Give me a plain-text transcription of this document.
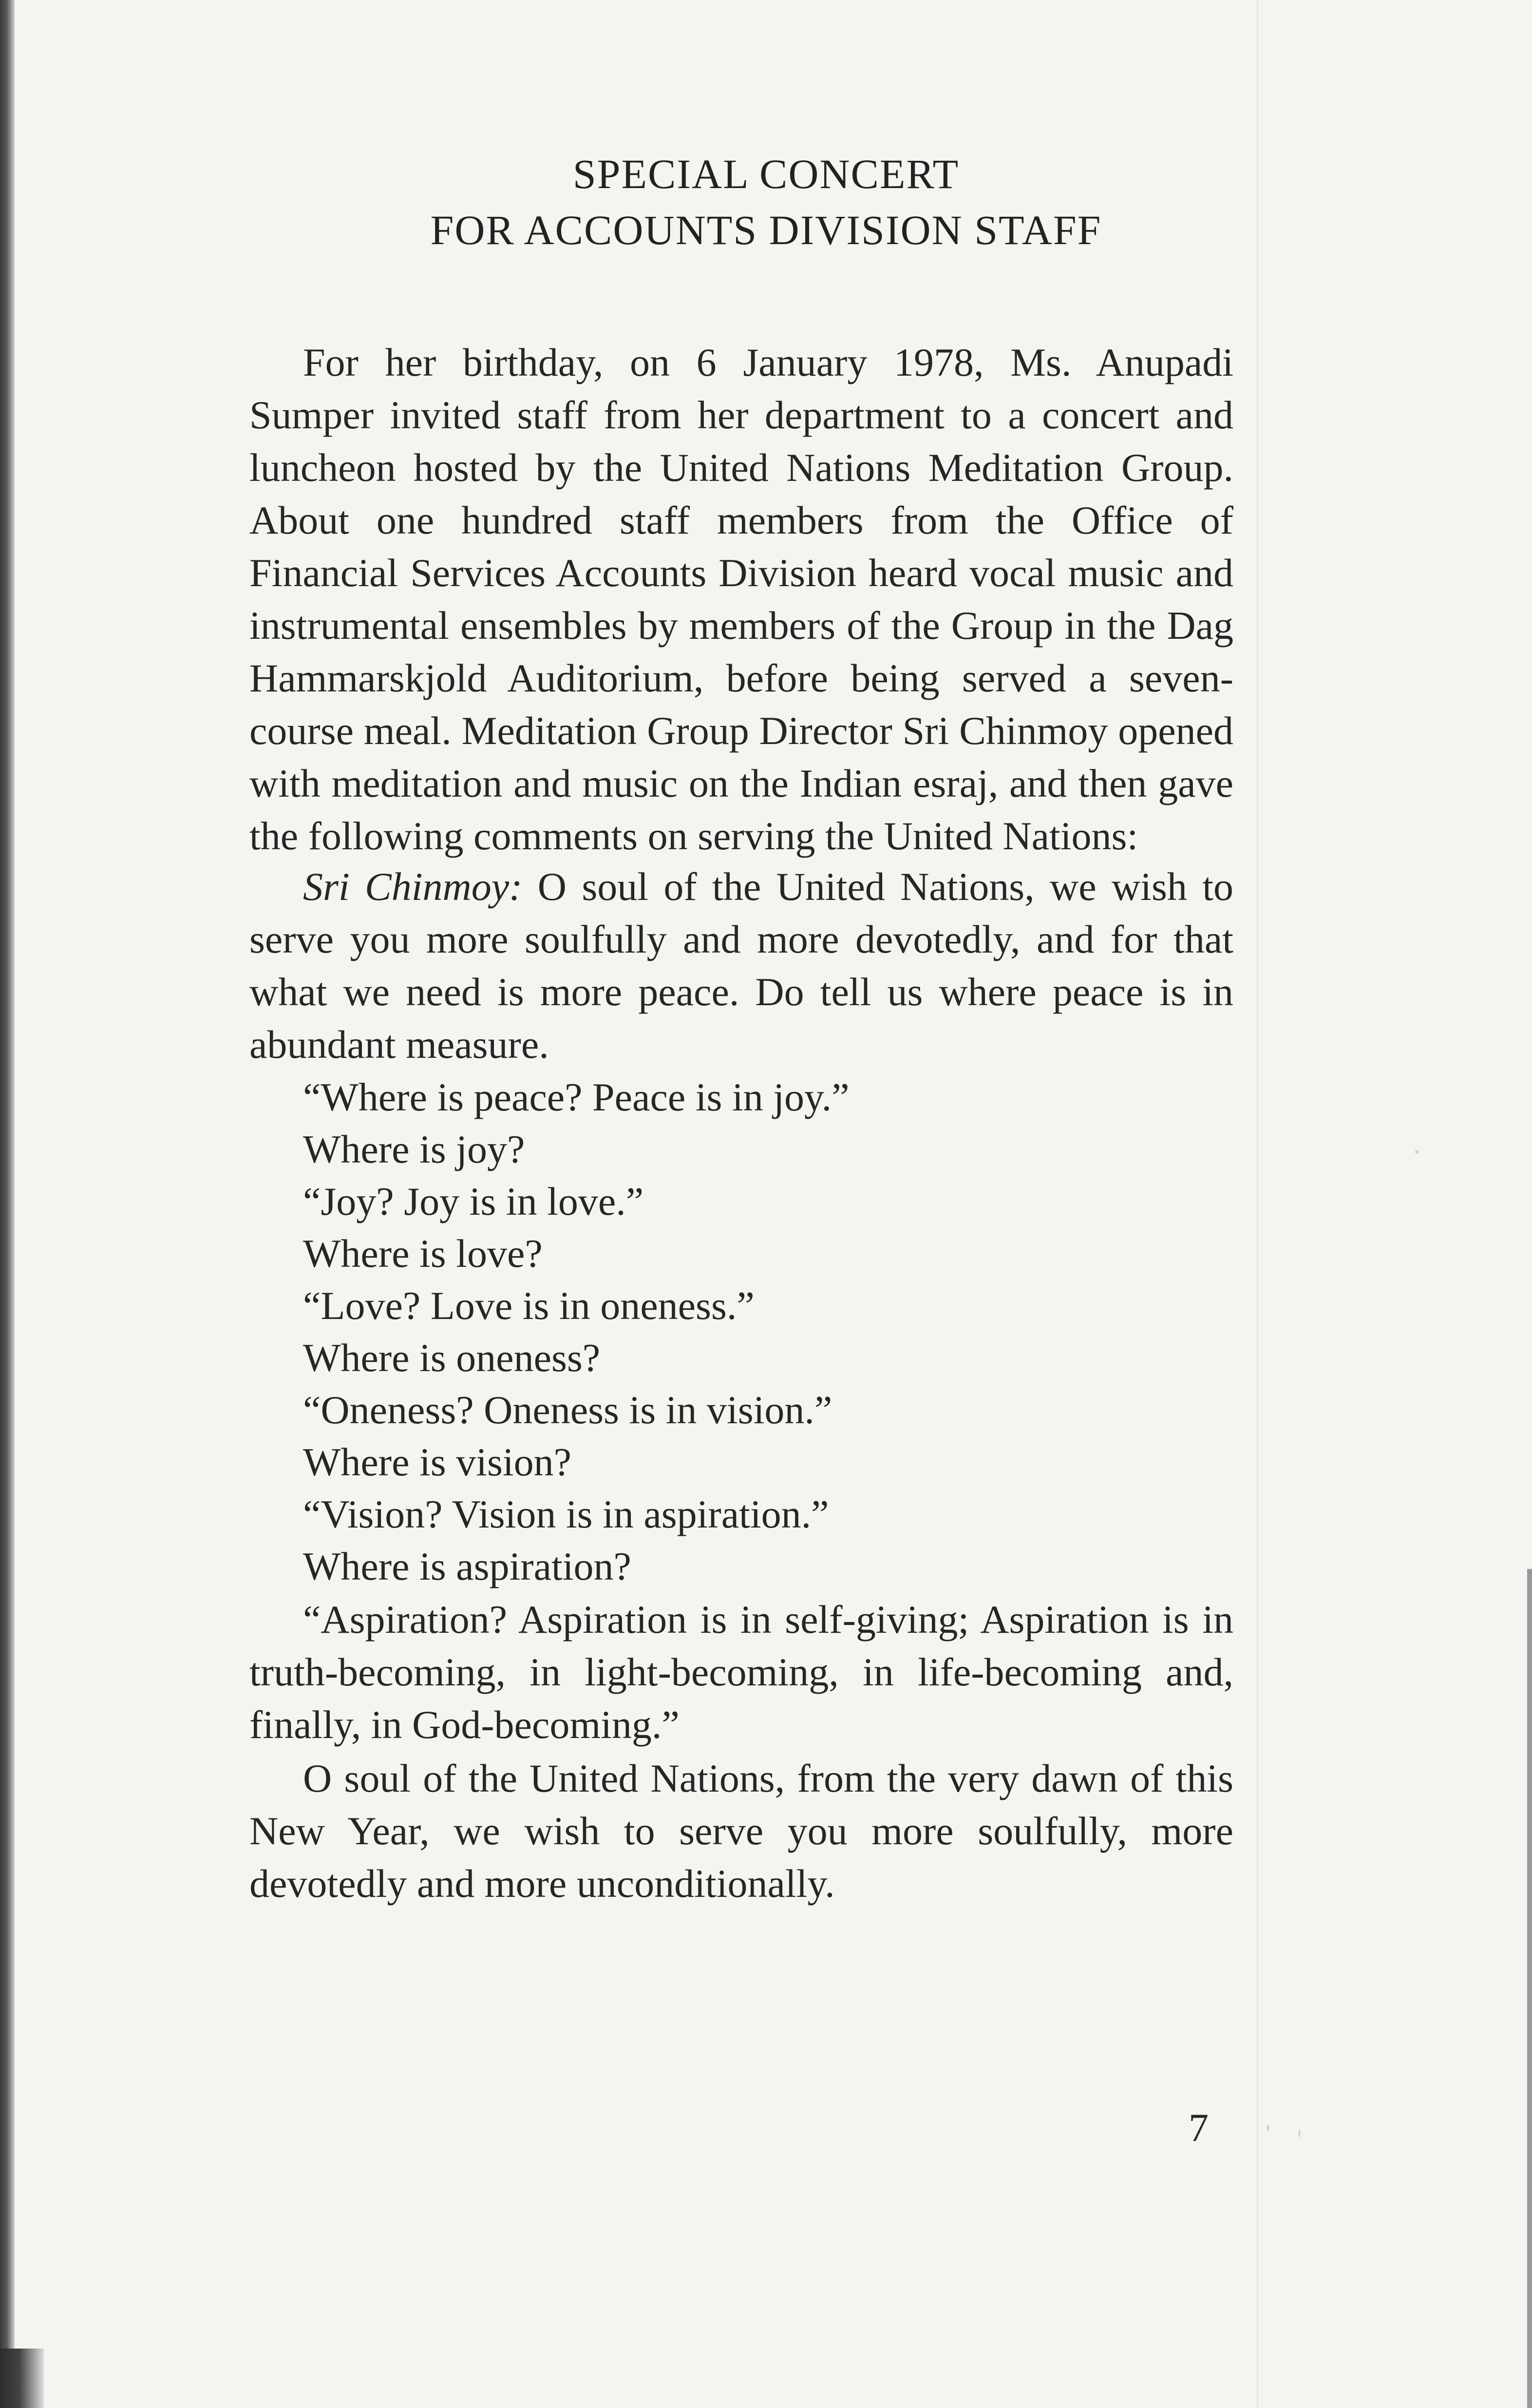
SPECIAL CONCERT
FOR ACCOUNTS DIVISION STAFF

For her birthday, on 6 January 1978, Ms. Anupadi Sumper invited staff from her department to a concert and luncheon hosted by the United Nations Meditation Group. About one hundred staff members from the Office of Financial Services Accounts Division heard vocal music and instrumental ensembles by members of the Group in the Dag Hammarskjold Auditorium, before being served a seven-course meal. Meditation Group Director Sri Chinmoy opened with meditation and music on the Indian esraj, and then gave the following comments on serving the United Nations:

Sri Chinmoy: O soul of the United Nations, we wish to serve you more soulfully and more devotedly, and for that what we need is more peace. Do tell us where peace is in abundant measure.

“Where is peace? Peace is in joy.”
Where is joy?
“Joy? Joy is in love.”
Where is love?
“Love? Love is in oneness.”
Where is oneness?
“Oneness? Oneness is in vision.”
Where is vision?
“Vision? Vision is in aspiration.”
Where is aspiration?

“Aspiration? Aspiration is in self-giving; Aspiration is in truth-becoming, in light-becoming, in life-becoming and, finally, in God-becoming.”

O soul of the United Nations, from the very dawn of this New Year, we wish to serve you more soulfully, more devotedly and more unconditionally.

7
